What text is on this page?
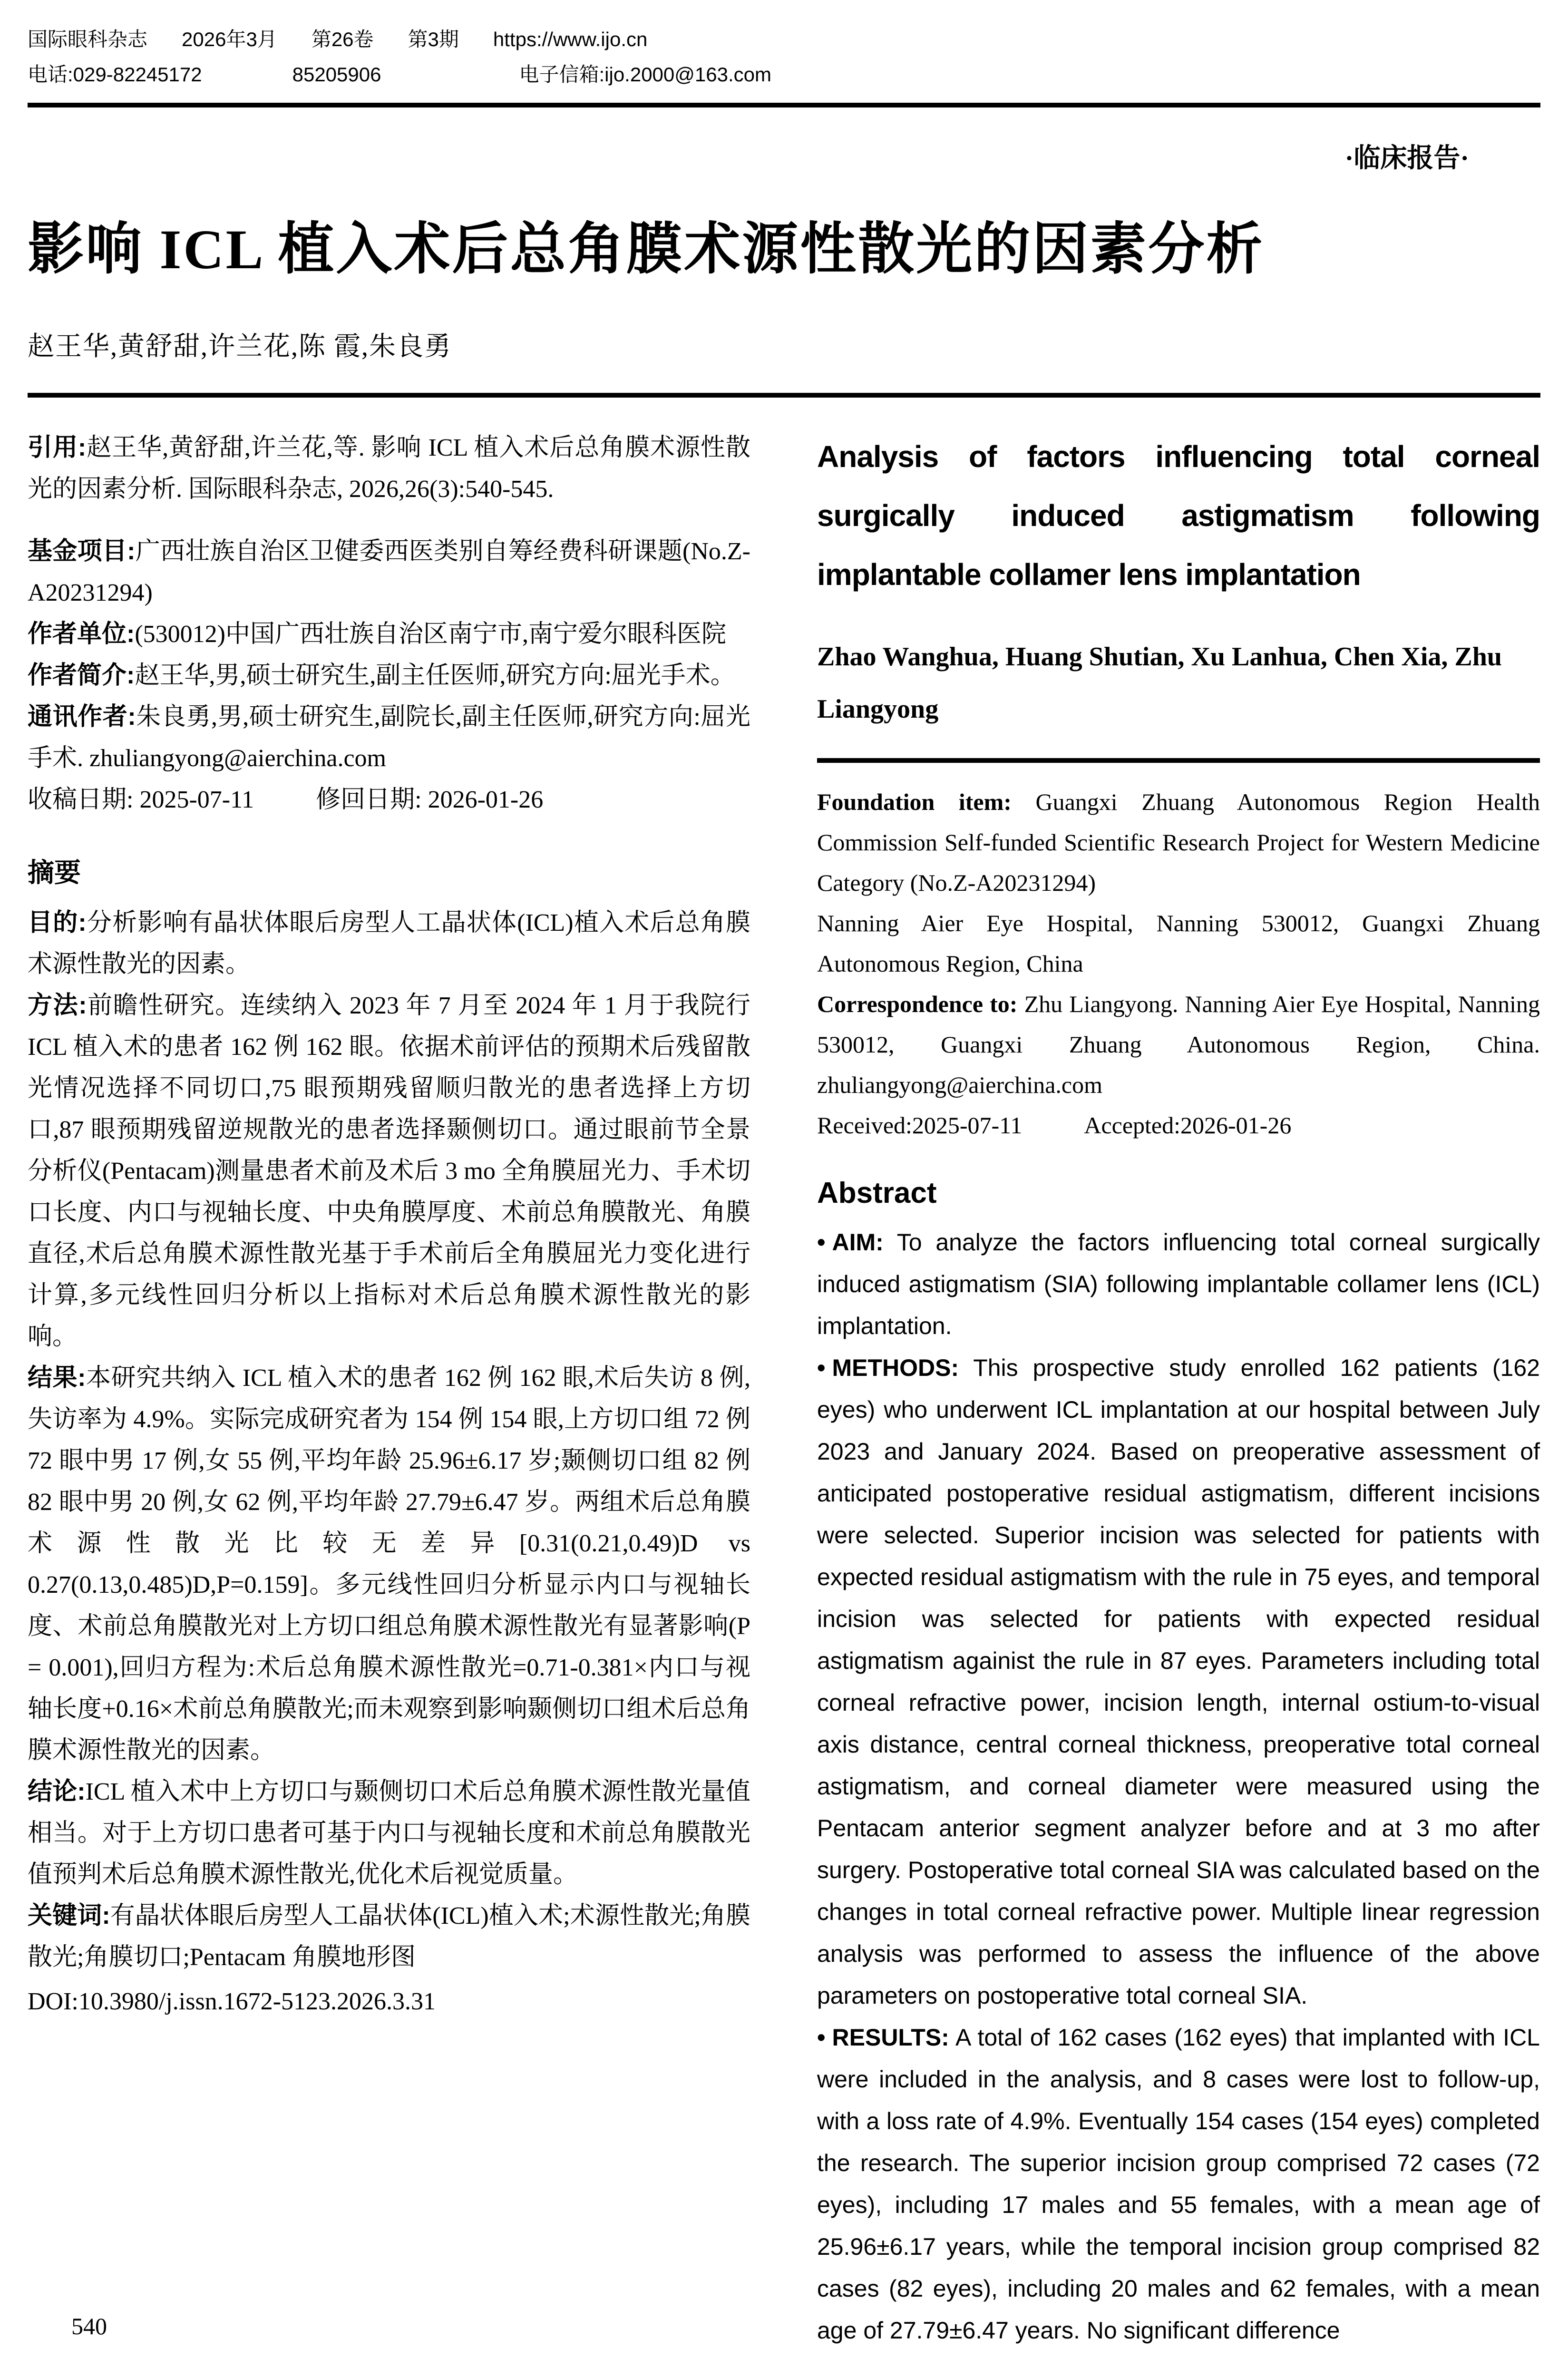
国际眼科杂志 2026年3月 第26卷 第3期 https://www.ijo.cn
电话:029-82245172	85205906	电子信箱:ijo.2000@163.com
·临床报告·
影响 ICL 植入术后总角膜术源性散光的因素分析
赵王华,黄舒甜,许兰花,陈 霞,朱良勇

引用:赵王华,黄舒甜,许兰花,等. 影响 ICL 植入术后总角膜术源性散光的因素分析. 国际眼科杂志, 2026,26(3):540-545.

基金项目:广西壮族自治区卫健委西医类别自筹经费科研课题(No.Z-A20231294)

作者单位:(530012)中国广西壮族自治区南宁市,南宁爱尔眼科医院

作者简介:赵王华,男,硕士研究生,副主任医师,研究方向:屈光手术。

通讯作者:朱良勇,男,硕士研究生,副院长,副主任医师,研究方向:屈光手术. zhuliangyong@aierchina.com

收稿日期: 2025-07-11	修回日期: 2026-01-26

摘要

目的:分析影响有晶状体眼后房型人工晶状体(ICL)植入术后总角膜术源性散光的因素。

方法:前瞻性研究。连续纳入 2023 年 7 月至 2024 年 1 月于我院行 ICL 植入术的患者 162 例 162 眼。依据术前评估的预期术后残留散光情况选择不同切口,75 眼预期残留顺归散光的患者选择上方切口,87 眼预期残留逆规散光的患者选择颞侧切口。通过眼前节全景分析仪(Pentacam)测量患者术前及术后 3 mo 全角膜屈光力、手术切口长度、内口与视轴长度、中央角膜厚度、术前总角膜散光、角膜直径,术后总角膜术源性散光基于手术前后全角膜屈光力变化进行计算,多元线性回归分析以上指标对术后总角膜术源性散光的影响。

结果:本研究共纳入 ICL 植入术的患者 162 例 162 眼,术后失访 8 例,失访率为 4.9%。实际完成研究者为 154 例 154 眼,上方切口组 72 例 72 眼中男 17 例,女 55 例,平均年龄 25.96±6.17 岁;颞侧切口组 82 例 82 眼中男 20 例,女 62 例,平均年龄 27.79±6.47 岁。两组术后总角膜术源性散光比较无差异[0.31(0.21,0.49)D vs 0.27(0.13,0.485)D,P=0.159]。多元线性回归分析显示内口与视轴长度、术前总角膜散光对上方切口组总角膜术源性散光有显著影响(P = 0.001),回归方程为:术后总角膜术源性散光=0.71-0.381×内口与视轴长度+0.16×术前总角膜散光;而未观察到影响颞侧切口组术后总角膜术源性散光的因素。

结论:ICL 植入术中上方切口与颞侧切口术后总角膜术源性散光量值相当。对于上方切口患者可基于内口与视轴长度和术前总角膜散光值预判术后总角膜术源性散光,优化术后视觉质量。

关键词:有晶状体眼后房型人工晶状体(ICL)植入术;术源性散光;角膜散光;角膜切口;Pentacam 角膜地形图

DOI:10.3980/j.issn.1672-5123.2026.3.31

Analysis of factors influencing total corneal surgically induced astigmatism following implantable collamer lens implantation
Zhao Wanghua, Huang Shutian, Xu Lanhua, Chen Xia, Zhu Liangyong

Foundation item: Guangxi Zhuang Autonomous Region Health Commission Self-funded Scientific Research Project for Western Medicine Category (No.Z-A20231294)

Nanning Aier Eye Hospital, Nanning 530012, Guangxi Zhuang Autonomous Region, China

Correspondence to: Zhu Liangyong. Nanning Aier Eye Hospital, Nanning 530012, Guangxi Zhuang Autonomous Region, China. zhuliangyong@aierchina.com

Received:2025-07-11	Accepted:2026-01-26

Abstract

• AIM: To analyze the factors influencing total corneal surgically induced astigmatism (SIA) following implantable collamer lens (ICL) implantation.

• METHODS: This prospective study enrolled 162 patients (162 eyes) who underwent ICL implantation at our hospital between July 2023 and January 2024. Based on preoperative assessment of anticipated postoperative residual astigmatism, different incisions were selected. Superior incision was selected for patients with expected residual astigmatism with the rule in 75 eyes, and temporal incision was selected for patients with expected residual astigmatism againist the rule in 87 eyes. Parameters including total corneal refractive power, incision length, internal ostium-to-visual axis distance, central corneal thickness, preoperative total corneal astigmatism, and corneal diameter were measured using the Pentacam anterior segment analyzer before and at 3 mo after surgery. Postoperative total corneal SIA was calculated based on the changes in total corneal refractive power. Multiple linear regression analysis was performed to assess the influence of the above parameters on postoperative total corneal SIA.

• RESULTS: A total of 162 cases (162 eyes) that implanted with ICL were included in the analysis, and 8 cases were lost to follow-up, with a loss rate of 4.9%. Eventually 154 cases (154 eyes) completed the research. The superior incision group comprised 72 cases (72 eyes), including 17 males and 55 females, with a mean age of 25.96±6.17 years, while the temporal incision group comprised 82 cases (82 eyes), including 20 males and 62 females, with a mean age of 27.79±6.47 years. No significant difference

540
